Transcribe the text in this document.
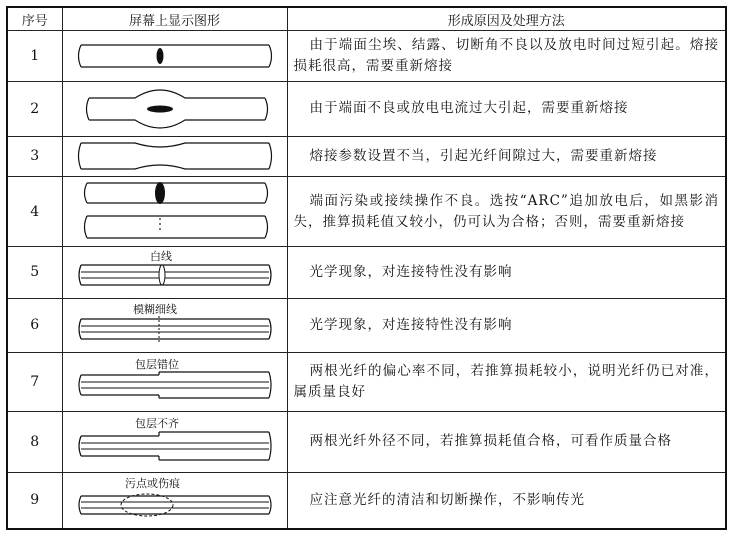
序号	屏幕上显示图形	形成原因及处理方法
1		由于端面尘埃、结露、切断角不良以及放电时间过短引起。熔接损耗很高，需要重新熔接
2		由于端面不良或放电电流过大引起，需要重新熔接
3		熔接参数设置不当，引起光纤间隙过大，需要重新熔接
4		端面污染或接续操作不良。选按“ARC”追加放电后，如黑影消失，推算损耗值又较小，仍可认为合格；否则，需要重新熔接
5	白线	光学现象，对连接特性没有影响
6	模糊细线	光学现象，对连接特性没有影响
7	包层错位	两根光纤的偏心率不同，若推算损耗较小，说明光纤仍已对准，属质量良好
8	包层不齐	两根光纤外径不同，若推算损耗值合格，可看作质量合格
9	污点或伤痕	应注意光纤的清洁和切断操作，不影响传光
